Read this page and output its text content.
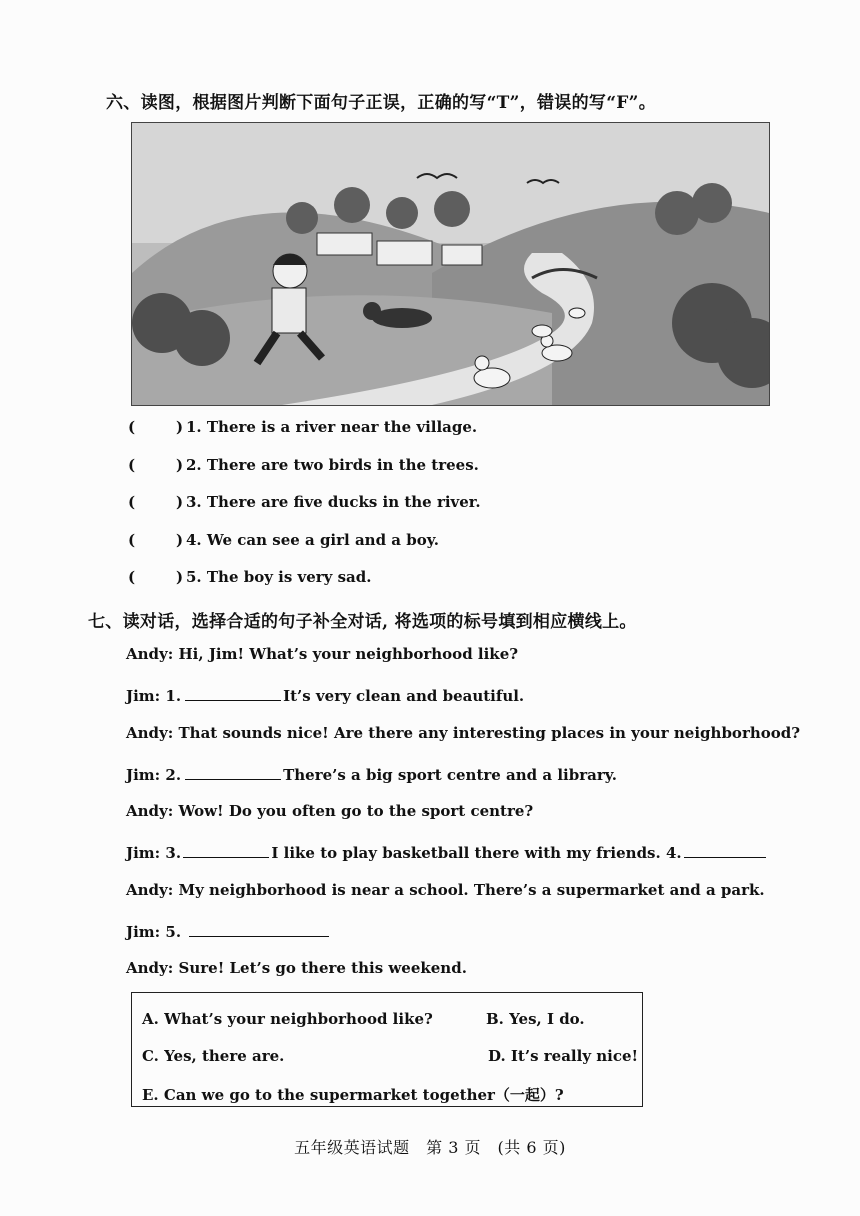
六、读图，根据图片判断下面句子正误，正确的写“T”，错误的写“F”。
(	) 1. There is a river near the village.
(	) 2. There are two birds in the trees.
(	) 3. There are five ducks in the river.
(	) 4. We can see a girl and a boy.
(	) 5. The boy is very sad.
七、读对话，选择合适的句子补全对话, 将选项的标号填到相应横线上。
Andy: Hi, Jim! What’s your neighborhood like?
Jim: 1.	It’s very clean and beautiful.
Andy: That sounds nice! Are there any interesting places in your neighborhood?
Jim: 2.	There’s a big sport centre and a library.
Andy: Wow! Do you often go to the sport centre?
Jim: 3.	I like to play basketball there with my friends. 4.
Andy: My neighborhood is near a school. There’s a supermarket and a park.
Jim: 5.
Andy: Sure! Let’s go there this weekend.
A. What’s your neighborhood like?	B. Yes, I do.
C. Yes, there are.	D. It’s really nice!
E. Can we go to the supermarket together（一起）?
五年级英语试题　第 3 页　(共 6 页)
